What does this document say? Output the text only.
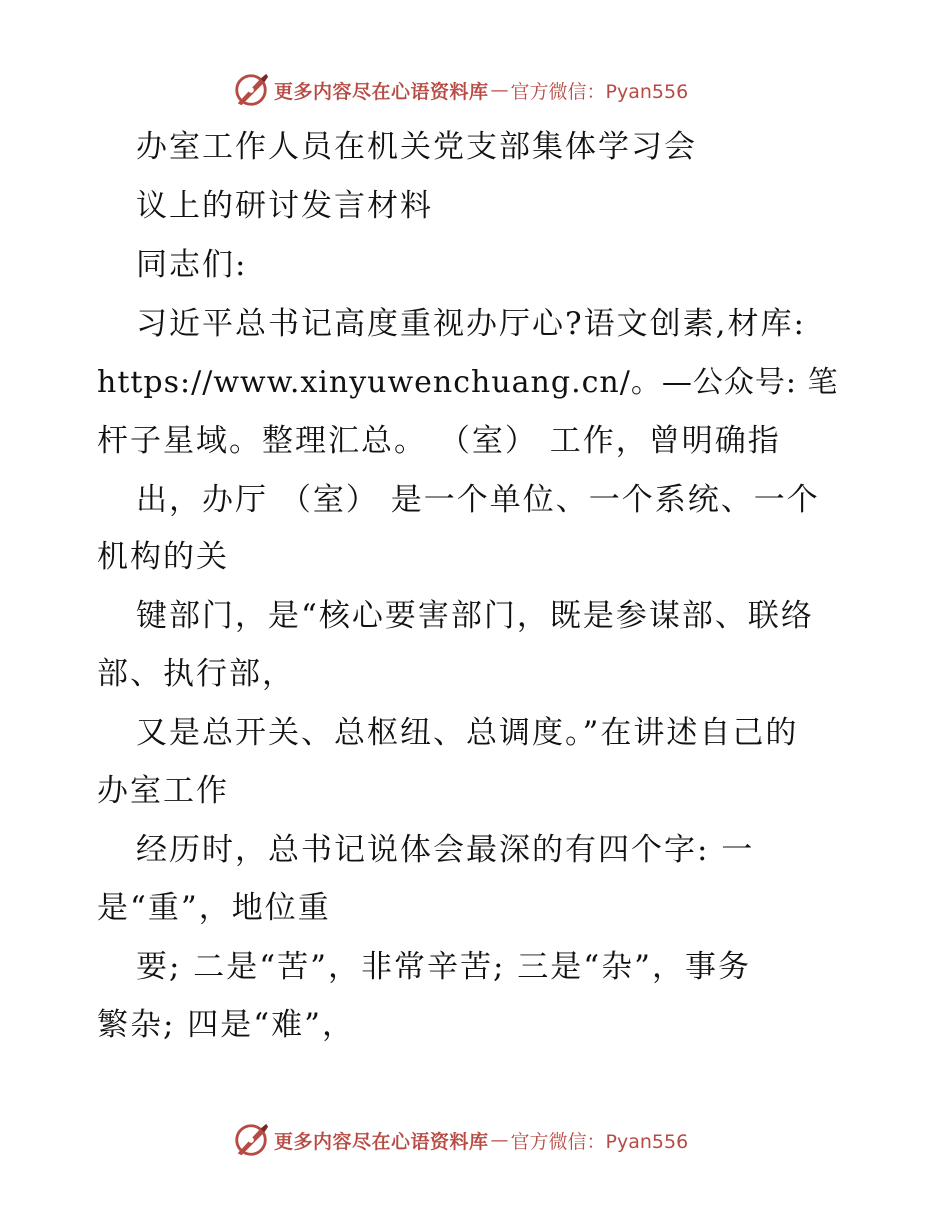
更多内容尽在心语资料库 — 官方微信：Pyan556
办室工作人员在机关党支部集体学习会
议上的研讨发言材料
同志们:
习近平总书记高度重视办厅心?语文创素,材库:
https://www.xinyuwenchuang.cn/。—公众号: 笔
杆子星域。整理汇总。 （室） 工作，曾明确指
出，办厅 （室） 是一个单位、一个系统、一个
机构的关
键部门，是“核心要害部门，既是参谋部、联络
部、执行部，
又是总开关、总枢纽、总调度。”在讲述自己的
办室工作
经历时，总书记说体会最深的有四个字: 一
是“重”，地位重
要; 二是“苦”，非常辛苦; 三是“杂”，事务
繁杂; 四是“难”，
更多内容尽在心语资料库 — 官方微信：Pyan556
